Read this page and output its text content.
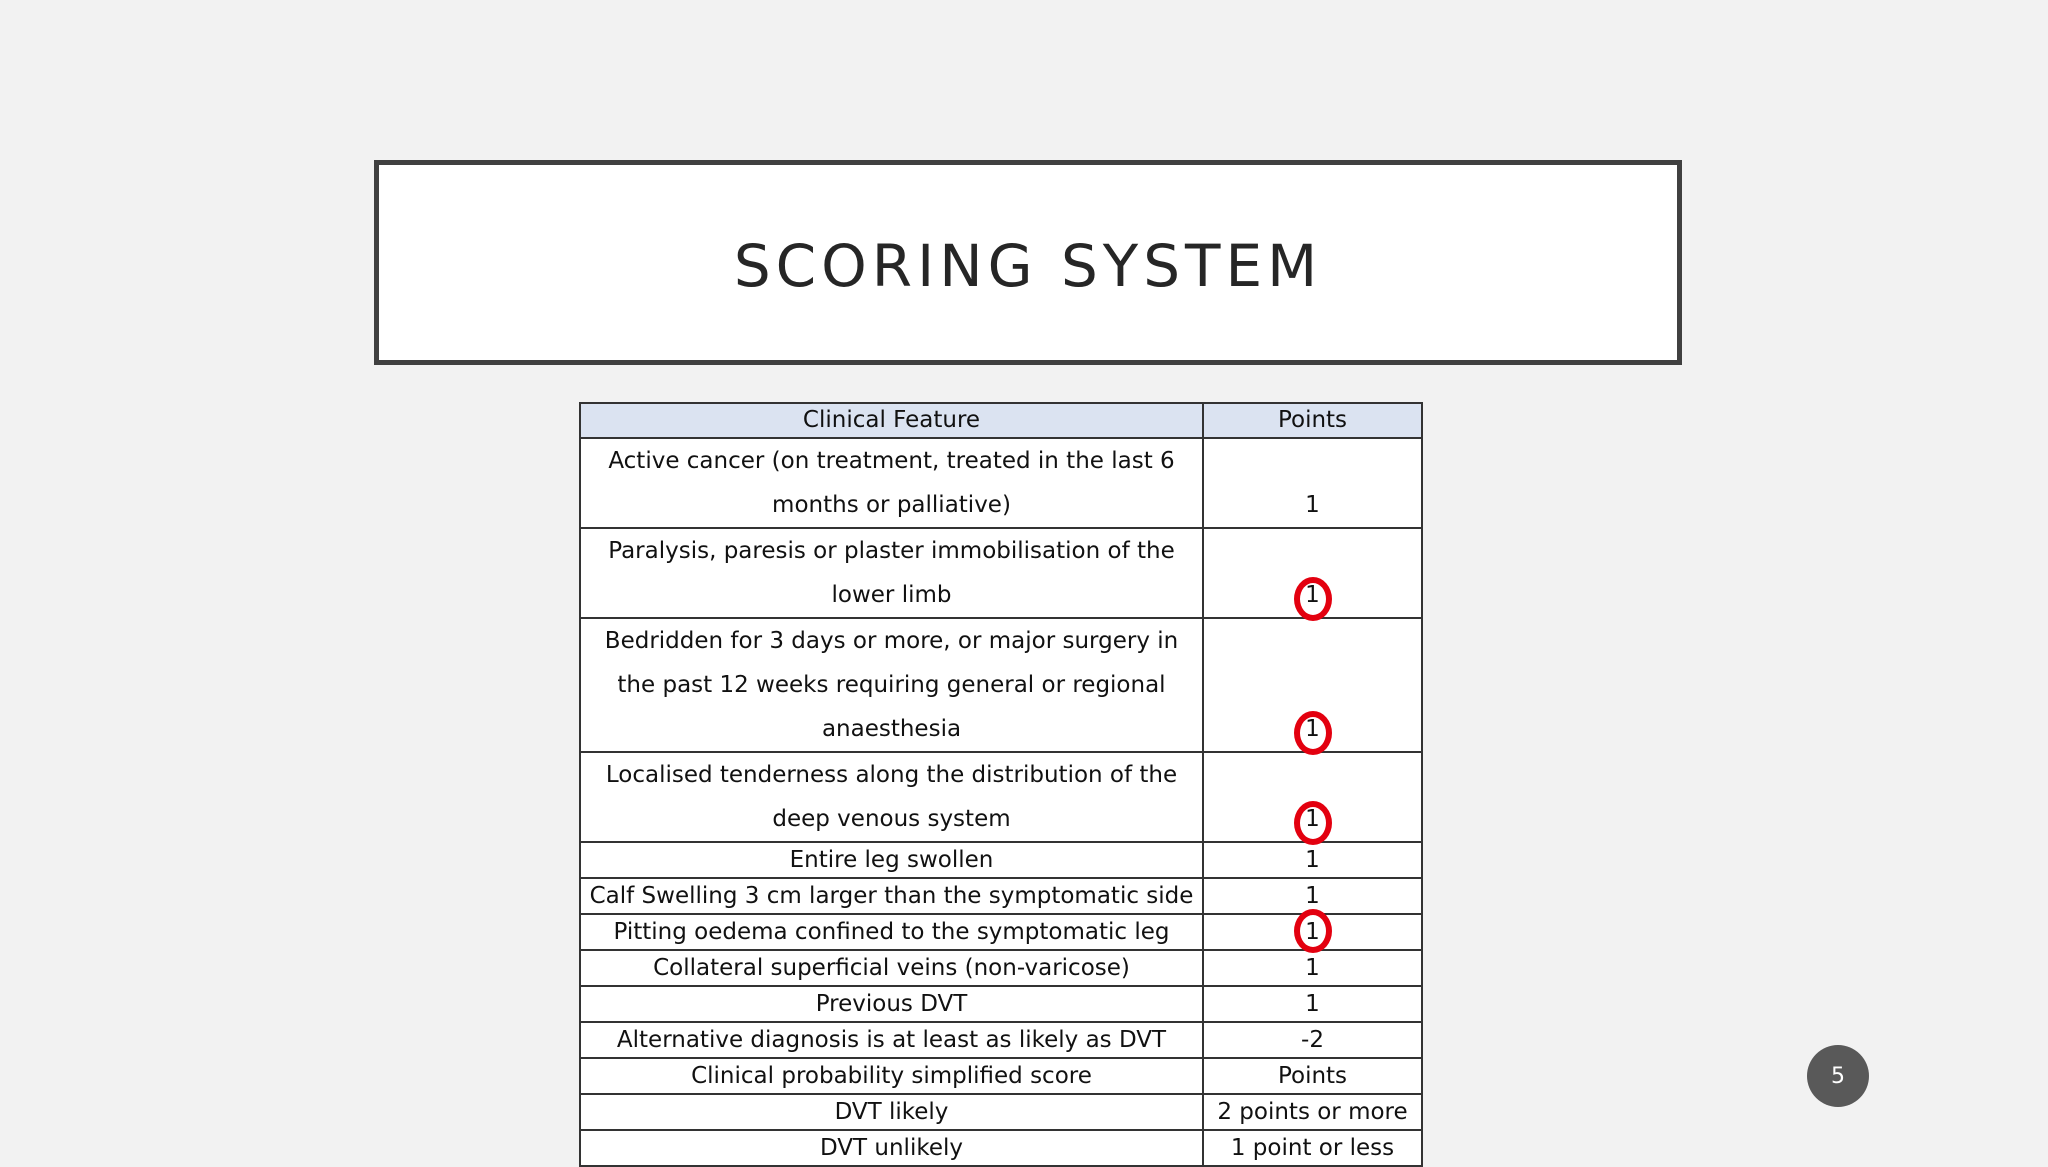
SCORING SYSTEM
Clinical Feature	Points
Active cancer (on treatment, treated in the last 6 months or palliative)	1
Paralysis, paresis or plaster immobilisation of the lower limb	1

Bedridden for 3 days or more, or major surgery in the past 12 weeks requiring general or regional anaesthesia	1

Localised tenderness along the distribution of the deep venous system	1

Entire leg swollen	1
Calf Swelling 3 cm larger than the symptomatic side	1
Pitting oedema confined to the symptomatic leg	1

Collateral superficial veins (non-varicose)	1
Previous DVT	1
Alternative diagnosis is at least as likely as DVT	-2
Clinical probability simplified score	Points
DVT likely	2 points or more
DVT unlikely	1 point or less
5
